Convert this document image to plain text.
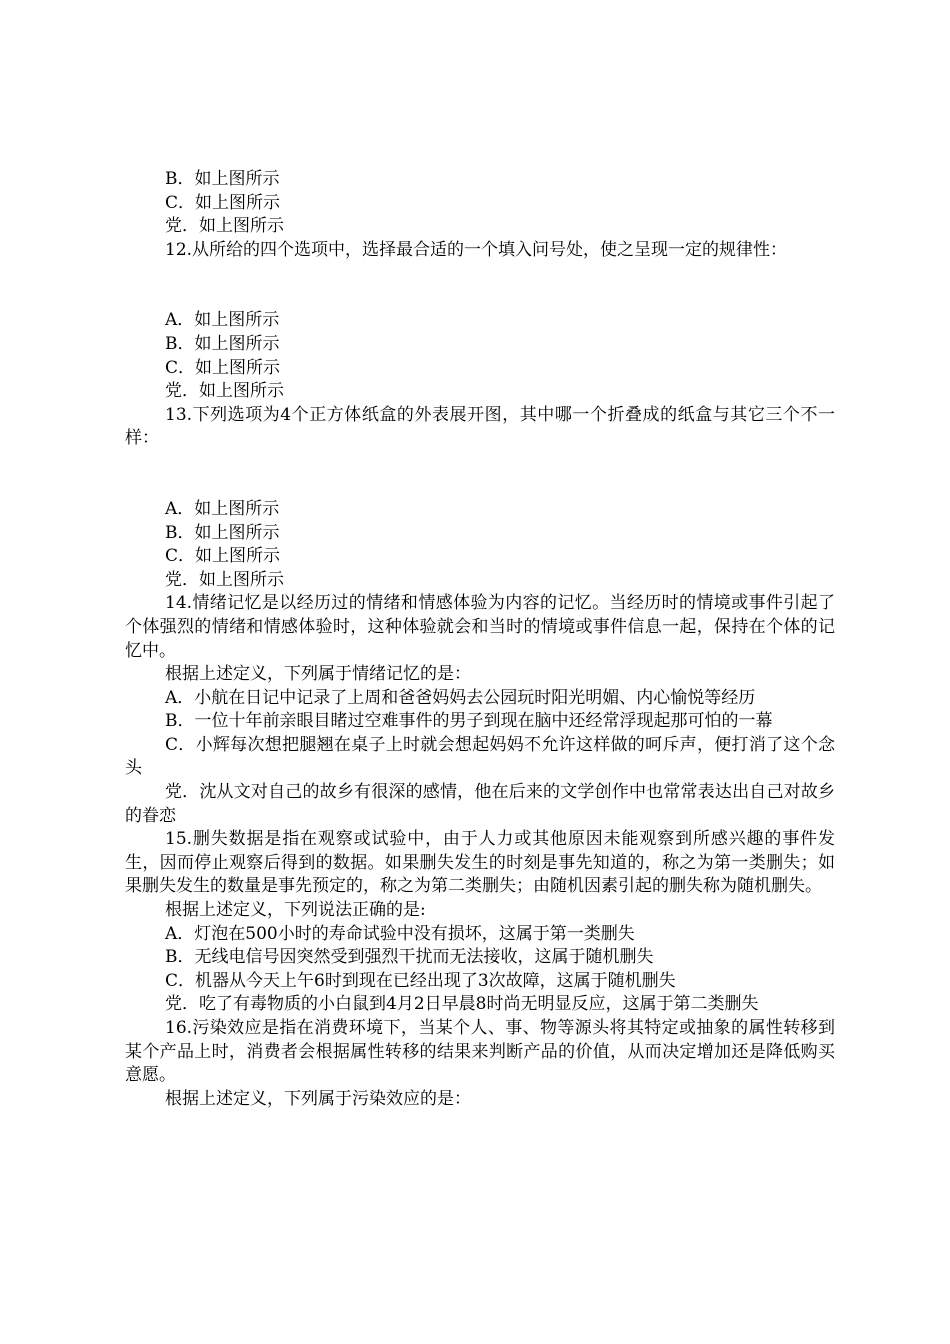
B．如上图所示

C．如上图所示

党．如上图所示

12.从所给的四个选项中，选择最合适的一个填入问号处，使之呈现一定的规律性：

A．如上图所示

B．如上图所示

C．如上图所示

党．如上图所示

13.下列选项为4个正方体纸盒的外表展开图，其中哪一个折叠成的纸盒与其它三个不一样：

A．如上图所示

B．如上图所示

C．如上图所示

党．如上图所示

14.情绪记忆是以经历过的情绪和情感体验为内容的记忆。当经历时的情境或事件引起了个体强烈的情绪和情感体验时，这种体验就会和当时的情境或事件信息一起，保持在个体的记忆中。

根据上述定义，下列属于情绪记忆的是：

A．小航在日记中记录了上周和爸爸妈妈去公园玩时阳光明媚、内心愉悦等经历

B．一位十年前亲眼目睹过空难事件的男子到现在脑中还经常浮现起那可怕的一幕

C．小辉每次想把腿翘在桌子上时就会想起妈妈不允许这样做的呵斥声，便打消了这个念头

党．沈从文对自己的故乡有很深的感情，他在后来的文学创作中也常常表达出自己对故乡的眷恋

15.删失数据是指在观察或试验中，由于人力或其他原因未能观察到所感兴趣的事件发生，因而停止观察后得到的数据。如果删失发生的时刻是事先知道的，称之为第一类删失；如果删失发生的数量是事先预定的，称之为第二类删失；由随机因素引起的删失称为随机删失。

根据上述定义，下列说法正确的是:

A．灯泡在500小时的寿命试验中没有损坏，这属于第一类删失

B．无线电信号因突然受到强烈干扰而无法接收，这属于随机删失

C．机器从今天上午6时到现在已经出现了3次故障，这属于随机删失

党．吃了有毒物质的小白鼠到4月2日早晨8时尚无明显反应，这属于第二类删失

16.污染效应是指在消费环境下，当某个人、事、物等源头将其特定或抽象的属性转移到某个产品上时，消费者会根据属性转移的结果来判断产品的价值，从而决定增加还是降低购买意愿。

根据上述定义，下列属于污染效应的是：
